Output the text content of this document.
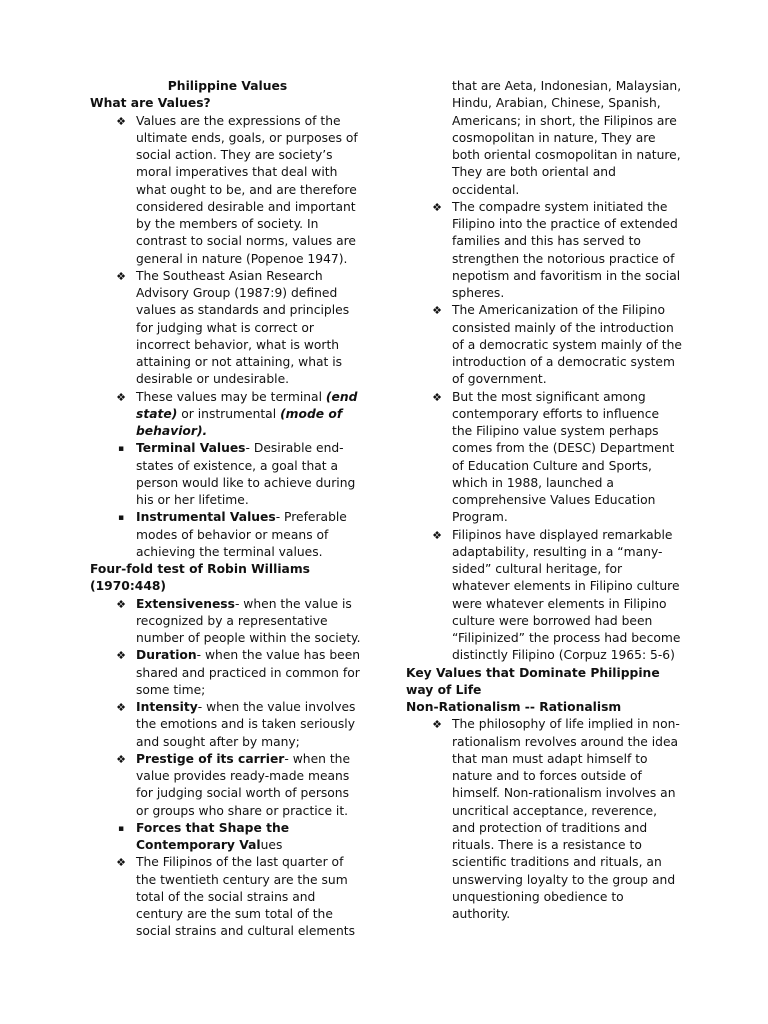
Philippine Values

What are Values?

❖ Values are the expressions of the ultimate ends, goals, or purposes of social action. They are society’s moral imperatives that deal with what ought to be, and are therefore considered desirable and important by the members of society. In contrast to social norms, values are general in nature (Popenoe 1947).

❖ The Southeast Asian Research Advisory Group (1987:9) defined values as standards and principles for judging what is correct or incorrect behavior, what is worth attaining or not attaining, what is desirable or undesirable.

❖ These values may be terminal (end state) or instrumental (mode of behavior).

▪ Terminal Values- Desirable end-states of existence, a goal that a person would like to achieve during his or her lifetime.

▪ Instrumental Values- Preferable modes of behavior or means of achieving the terminal values.

Four-fold test of Robin Williams (1970:448)

❖ Extensiveness- when the value is recognized by a representative number of people within the society.

❖ Duration- when the value has been shared and practiced in common for some time;

❖ Intensity- when the value involves the emotions and is taken seriously and sought after by many;

❖ Prestige of its carrier- when the value provides ready-made means for judging social worth of persons or groups who share or practice it.

▪ Forces that Shape the Contemporary Values

❖ The Filipinos of the last quarter of the twentieth century are the sum total of the social strains and century are the sum total of the social strains and cultural elements

that are Aeta, Indonesian, Malaysian, Hindu, Arabian, Chinese, Spanish, Americans; in short, the Filipinos are cosmopolitan in nature, They are both oriental cosmopolitan in nature, They are both oriental and occidental.

❖ The compadre system initiated the Filipino into the practice of extended families and this has served to strengthen the notorious practice of nepotism and favoritism in the social spheres.

❖ The Americanization of the Filipino consisted mainly of the introduction of a democratic system mainly of the introduction of a democratic system of government.

❖ But the most significant among contemporary efforts to influence the Filipino value system perhaps comes from the (DESC) Department of Education Culture and Sports, which in 1988, launched a comprehensive Values Education Program.

❖ Filipinos have displayed remarkable adaptability, resulting in a “many-sided” cultural heritage, for whatever elements in Filipino culture were whatever elements in Filipino culture were borrowed had been “Filipinized” the process had become distinctly Filipino (Corpuz 1965: 5-6)

Key Values that Dominate Philippine way of Life

Non-Rationalism -- Rationalism

❖ The philosophy of life implied in non-rationalism revolves around the idea that man must adapt himself to nature and to forces outside of himself. Non-rationalism involves an uncritical acceptance, reverence, and protection of traditions and rituals. There is a resistance to scientific traditions and rituals, an unswerving loyalty to the group and unquestioning obedience to authority.
